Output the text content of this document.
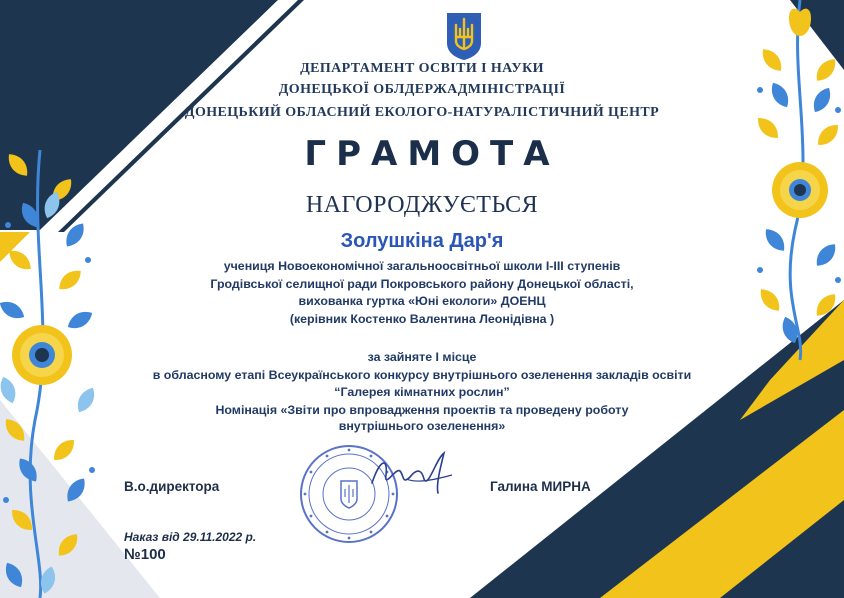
ДЕПАРТАМЕНТ ОСВІТИ І НАУКИ
ДОНЕЦЬКОЇ ОБЛДЕРЖАДМІНІСТРАЦІЇ
ДОНЕЦЬКИЙ ОБЛАСНИЙ ЕКОЛОГО-НАТУРАЛІСТИЧНИЙ ЦЕНТР
ГРАМОТА
НАГОРОДЖУЄТЬСЯ
Золушкіна Дар'я
учениця Новоекономічної загальноосвітньої школи І-ІІІ ступенів
Гродівської селищної ради Покровського району Донецької області,
вихованка гуртка «Юні екологи» ДОЕНЦ
(керівник Костенко Валентина Леонідівна )
за зайняте І місце
в обласному етапі Всеукраїнського конкурсу внутрішнього озеленення закладів освіти
“Галерея кімнатних рослин”
Номінація «Звіти про впровадження проектів та проведену роботу
внутрішнього озеленення»
В.о.директора	Галина МИРНА
Наказ від 29.11.2022 р.
№100
